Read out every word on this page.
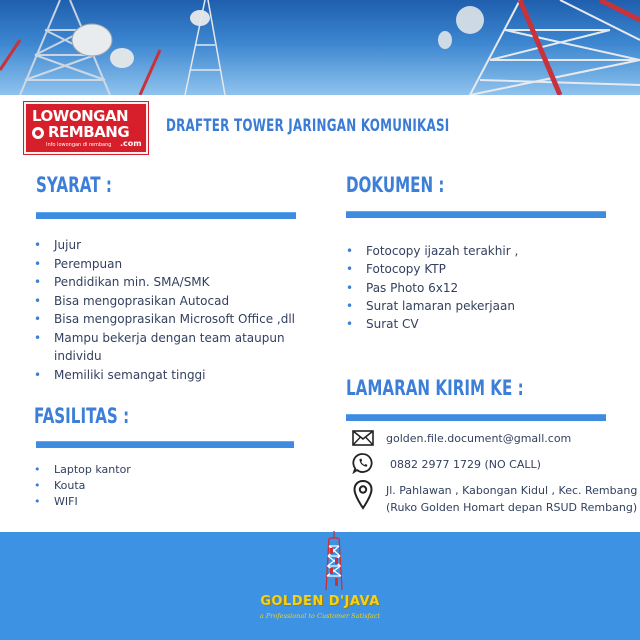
LOWONGAN
REMBANG
Info lowongan di rembang .com
DRAFTER TOWER JARINGAN KOMUNIKASI
SYARAT :
• Jujur
• Perempuan
• Pendidikan min. SMA/SMK
• Bisa mengoprasikan Autocad
• Bisa mengoprasikan Microsoft Office ,dll
• Mampu bekerja dengan team ataupun individu
• Memiliki semangat tinggi
FASILITAS :
• Laptop kantor
• Kouta
• WIFI
DOKUMEN :
• Fotocopy ijazah terakhir ,
• Fotocopy KTP
• Pas Photo 6x12
• Surat lamaran pekerjaan
• Surat CV
LAMARAN KIRIM KE :
golden.file.document@gmall.com
0882 2977 1729 (NO CALL)
Jl. Pahlawan , Kabongan Kidul , Kec. Rembang
(Ruko Golden Homart depan RSUD Rembang)
GOLDEN D'JAVA
a Professional to Customer Satisfact
